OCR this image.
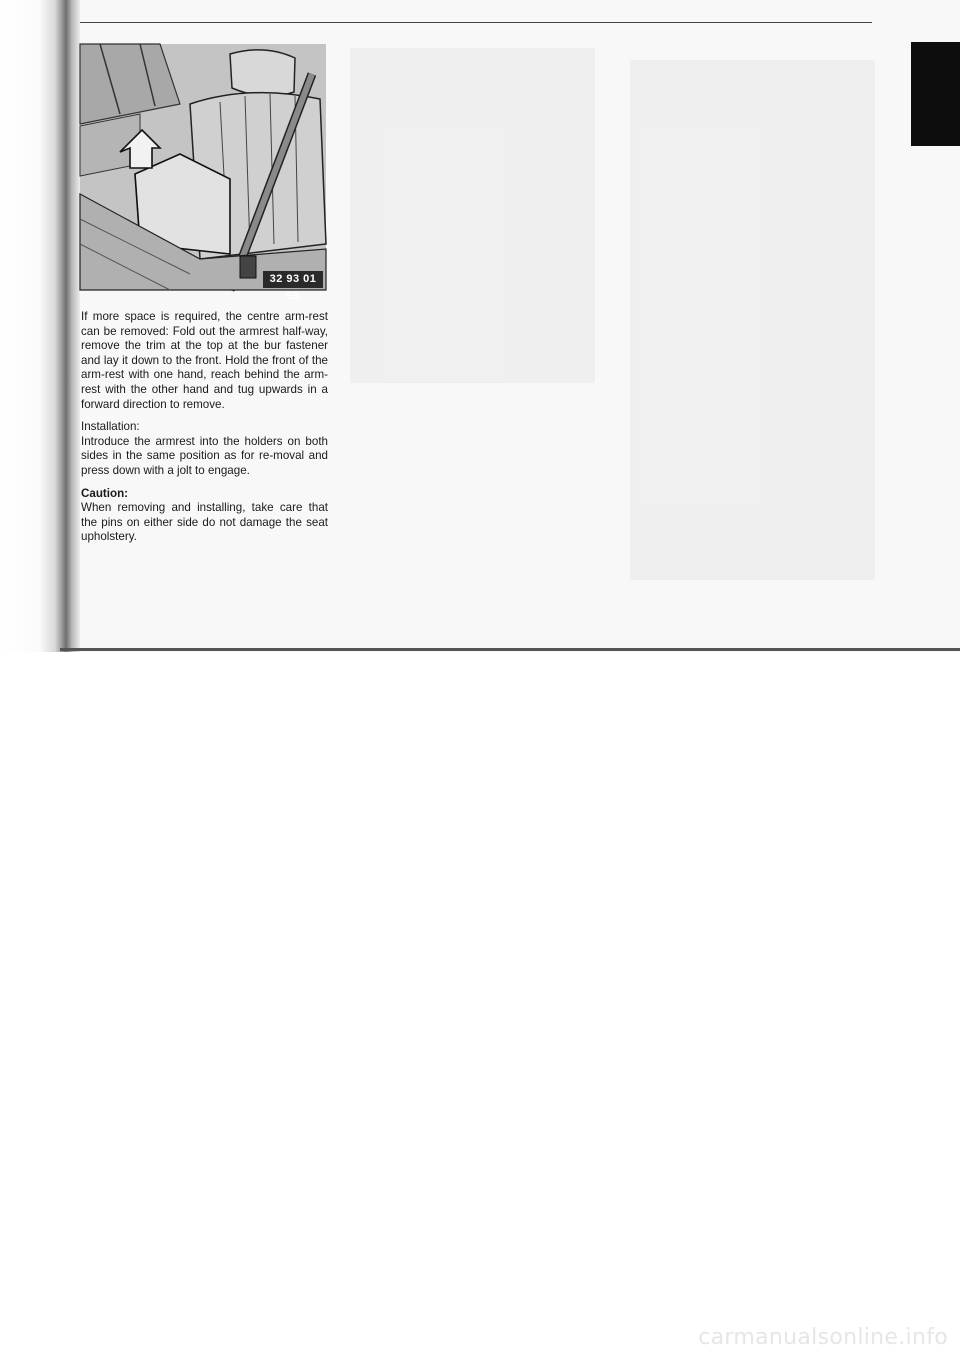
32 93 01 99

If more space is required, the centre arm-rest can be removed: Fold out the armrest half-way, remove the trim at the top at the bur fastener and lay it down to the front. Hold the front of the arm-rest with one hand, reach behind the arm-rest with the other hand and tug upwards in a forward direction to remove.

Installation:
Introduce the armrest into the holders on both sides in the same position as for re-moval and press down with a jolt to engage.

Caution:
When removing and installing, take care that the pins on either side do not damage the seat upholstery.

carmanualsonline.info
